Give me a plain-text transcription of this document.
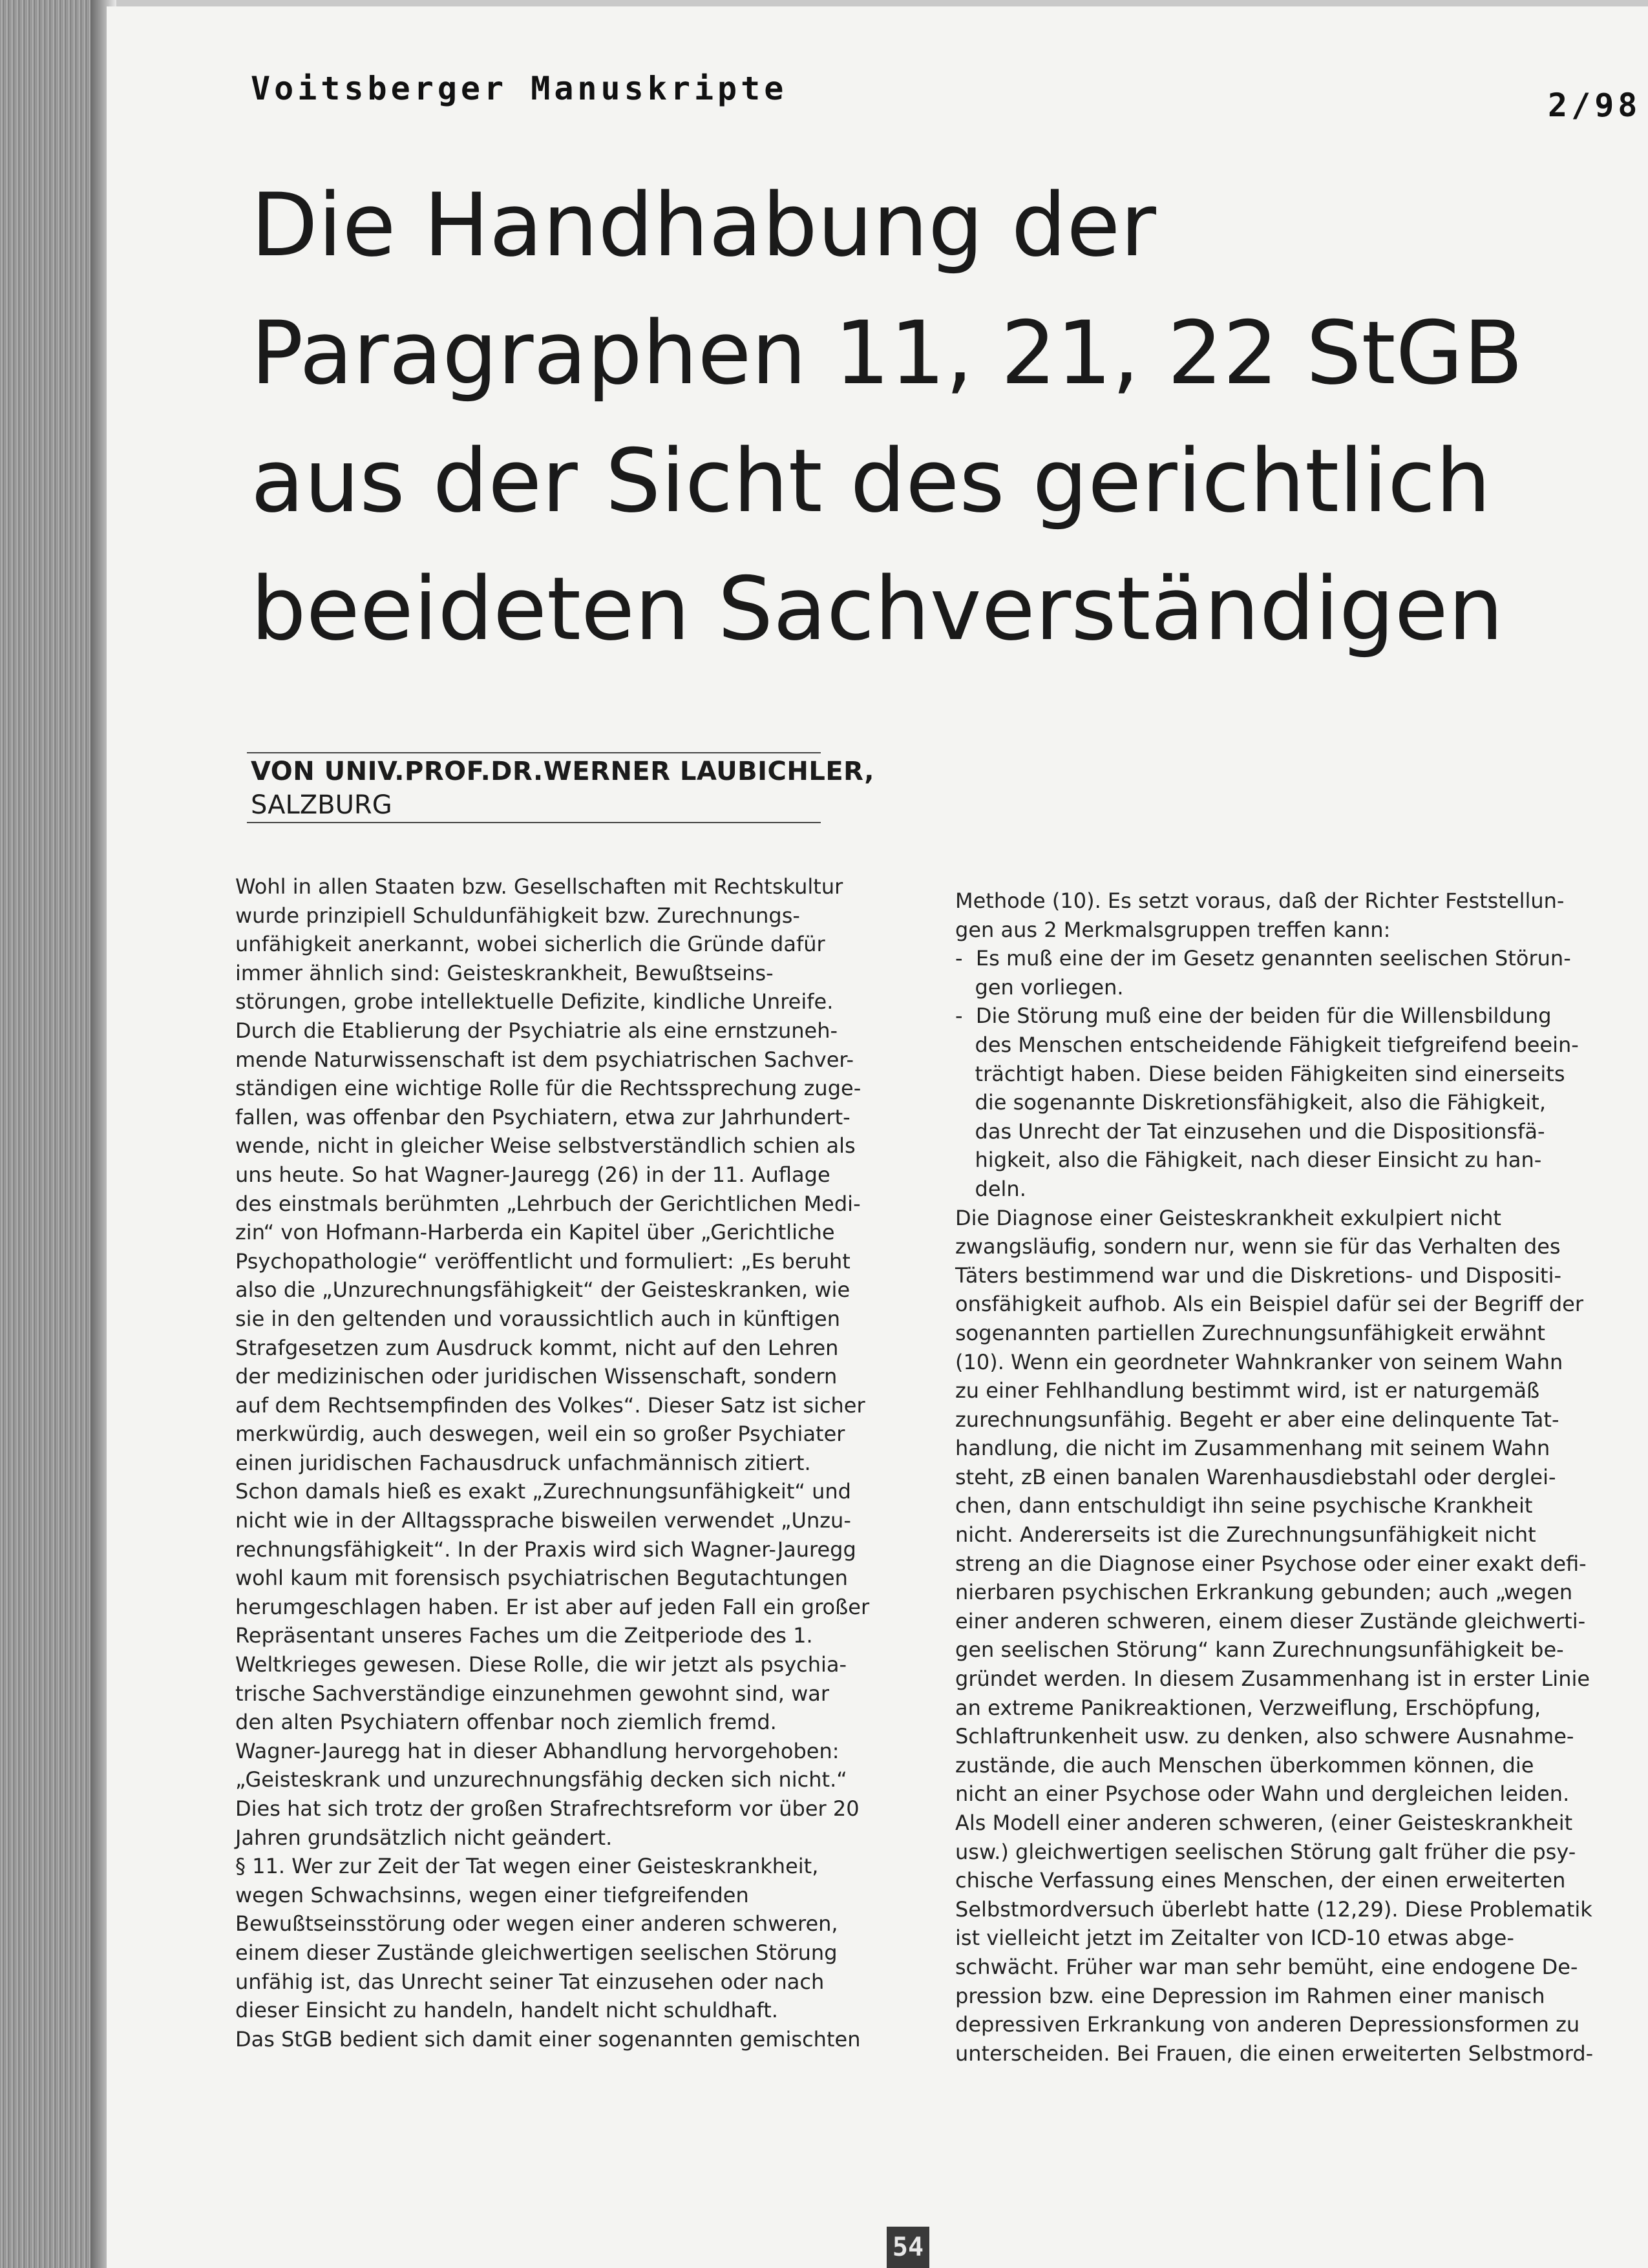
Voitsberger Manuskripte	2/98
Die Handhabung der
Paragraphen 11, 21, 22 StGB
aus der Sicht des gerichtlich
beeideten Sachverständigen
VON UNIV.PROF.DR.WERNER LAUBICHLER,
SALZBURG
Wohl in allen Staaten bzw. Gesellschaften mit Rechtskultur
wurde prinzipiell Schuldunfähigkeit bzw. Zurechnungs-
unfähigkeit anerkannt, wobei sicherlich die Gründe dafür
immer ähnlich sind: Geisteskrankheit, Bewußtseins-
störungen, grobe intellektuelle Defizite, kindliche Unreife.
Durch die Etablierung der Psychiatrie als eine ernstzuneh-
mende Naturwissenschaft ist dem psychiatrischen Sachver-
ständigen eine wichtige Rolle für die Rechtssprechung zuge-
fallen, was offenbar den Psychiatern, etwa zur Jahrhundert-
wende, nicht in gleicher Weise selbstverständlich schien als
uns heute. So hat Wagner-Jauregg (26) in der 11. Auflage
des einstmals berühmten „Lehrbuch der Gerichtlichen Medi-
zin“ von Hofmann-Harberda ein Kapitel über „Gerichtliche
Psychopathologie“ veröffentlicht und formuliert: „Es beruht
also die „Unzurechnungsfähigkeit“ der Geisteskranken, wie
sie in den geltenden und voraussichtlich auch in künftigen
Strafgesetzen zum Ausdruck kommt, nicht auf den Lehren
der medizinischen oder juridischen Wissenschaft, sondern
auf dem Rechtsempfinden des Volkes“. Dieser Satz ist sicher
merkwürdig, auch deswegen, weil ein so großer Psychiater
einen juridischen Fachausdruck unfachmännisch zitiert.
Schon damals hieß es exakt „Zurechnungsunfähigkeit“ und
nicht wie in der Alltagssprache bisweilen verwendet „Unzu-
rechnungsfähigkeit“. In der Praxis wird sich Wagner-Jauregg
wohl kaum mit forensisch psychiatrischen Begutachtungen
herumgeschlagen haben. Er ist aber auf jeden Fall ein großer
Repräsentant unseres Faches um die Zeitperiode des 1.
Weltkrieges gewesen. Diese Rolle, die wir jetzt als psychia-
trische Sachverständige einzunehmen gewohnt sind, war
den alten Psychiatern offenbar noch ziemlich fremd.
Wagner-Jauregg hat in dieser Abhandlung hervorgehoben:
„Geisteskrank und unzurechnungsfähig decken sich nicht.“
Dies hat sich trotz der großen Strafrechtsreform vor über 20
Jahren grundsätzlich nicht geändert.
§ 11. Wer zur Zeit der Tat wegen einer Geisteskrankheit,
wegen Schwachsinns, wegen einer tiefgreifenden
Bewußtseinsstörung oder wegen einer anderen schweren,
einem dieser Zustände gleichwertigen seelischen Störung
unfähig ist, das Unrecht seiner Tat einzusehen oder nach
dieser Einsicht zu handeln, handelt nicht schuldhaft.
Das StGB bedient sich damit einer sogenannten gemischten
Methode (10). Es setzt voraus, daß der Richter Feststellun-
gen aus 2 Merkmalsgruppen treffen kann:
-  Es muß eine der im Gesetz genannten seelischen Störun-
gen vorliegen.
-  Die Störung muß eine der beiden für die Willensbildung
des Menschen entscheidende Fähigkeit tiefgreifend beein-
trächtigt haben. Diese beiden Fähigkeiten sind einerseits
die sogenannte Diskretionsfähigkeit, also die Fähigkeit,
das Unrecht der Tat einzusehen und die Dispositionsfä-
higkeit, also die Fähigkeit, nach dieser Einsicht zu han-
deln.
Die Diagnose einer Geisteskrankheit exkulpiert nicht
zwangsläufig, sondern nur, wenn sie für das Verhalten des
Täters bestimmend war und die Diskretions- und Dispositi-
onsfähigkeit aufhob. Als ein Beispiel dafür sei der Begriff der
sogenannten partiellen Zurechnungsunfähigkeit erwähnt
(10). Wenn ein geordneter Wahnkranker von seinem Wahn
zu einer Fehlhandlung bestimmt wird, ist er naturgemäß
zurechnungsunfähig. Begeht er aber eine delinquente Tat-
handlung, die nicht im Zusammenhang mit seinem Wahn
steht, zB einen banalen Warenhausdiebstahl oder derglei-
chen, dann entschuldigt ihn seine psychische Krankheit
nicht. Andererseits ist die Zurechnungsunfähigkeit nicht
streng an die Diagnose einer Psychose oder einer exakt defi-
nierbaren psychischen Erkrankung gebunden; auch „wegen
einer anderen schweren, einem dieser Zustände gleichwerti-
gen seelischen Störung“ kann Zurechnungsunfähigkeit be-
gründet werden. In diesem Zusammenhang ist in erster Linie
an extreme Panikreaktionen, Verzweiflung, Erschöpfung,
Schlaftrunkenheit usw. zu denken, also schwere Ausnahme-
zustände, die auch Menschen überkommen können, die
nicht an einer Psychose oder Wahn und dergleichen leiden.
Als Modell einer anderen schweren, (einer Geisteskrankheit
usw.) gleichwertigen seelischen Störung galt früher die psy-
chische Verfassung eines Menschen, der einen erweiterten
Selbstmordversuch überlebt hatte (12,29). Diese Problematik
ist vielleicht jetzt im Zeitalter von ICD-10 etwas abge-
schwächt. Früher war man sehr bemüht, eine endogene De-
pression bzw. eine Depression im Rahmen einer manisch
depressiven Erkrankung von anderen Depressionsformen zu
unterscheiden. Bei Frauen, die einen erweiterten Selbstmord-
54
